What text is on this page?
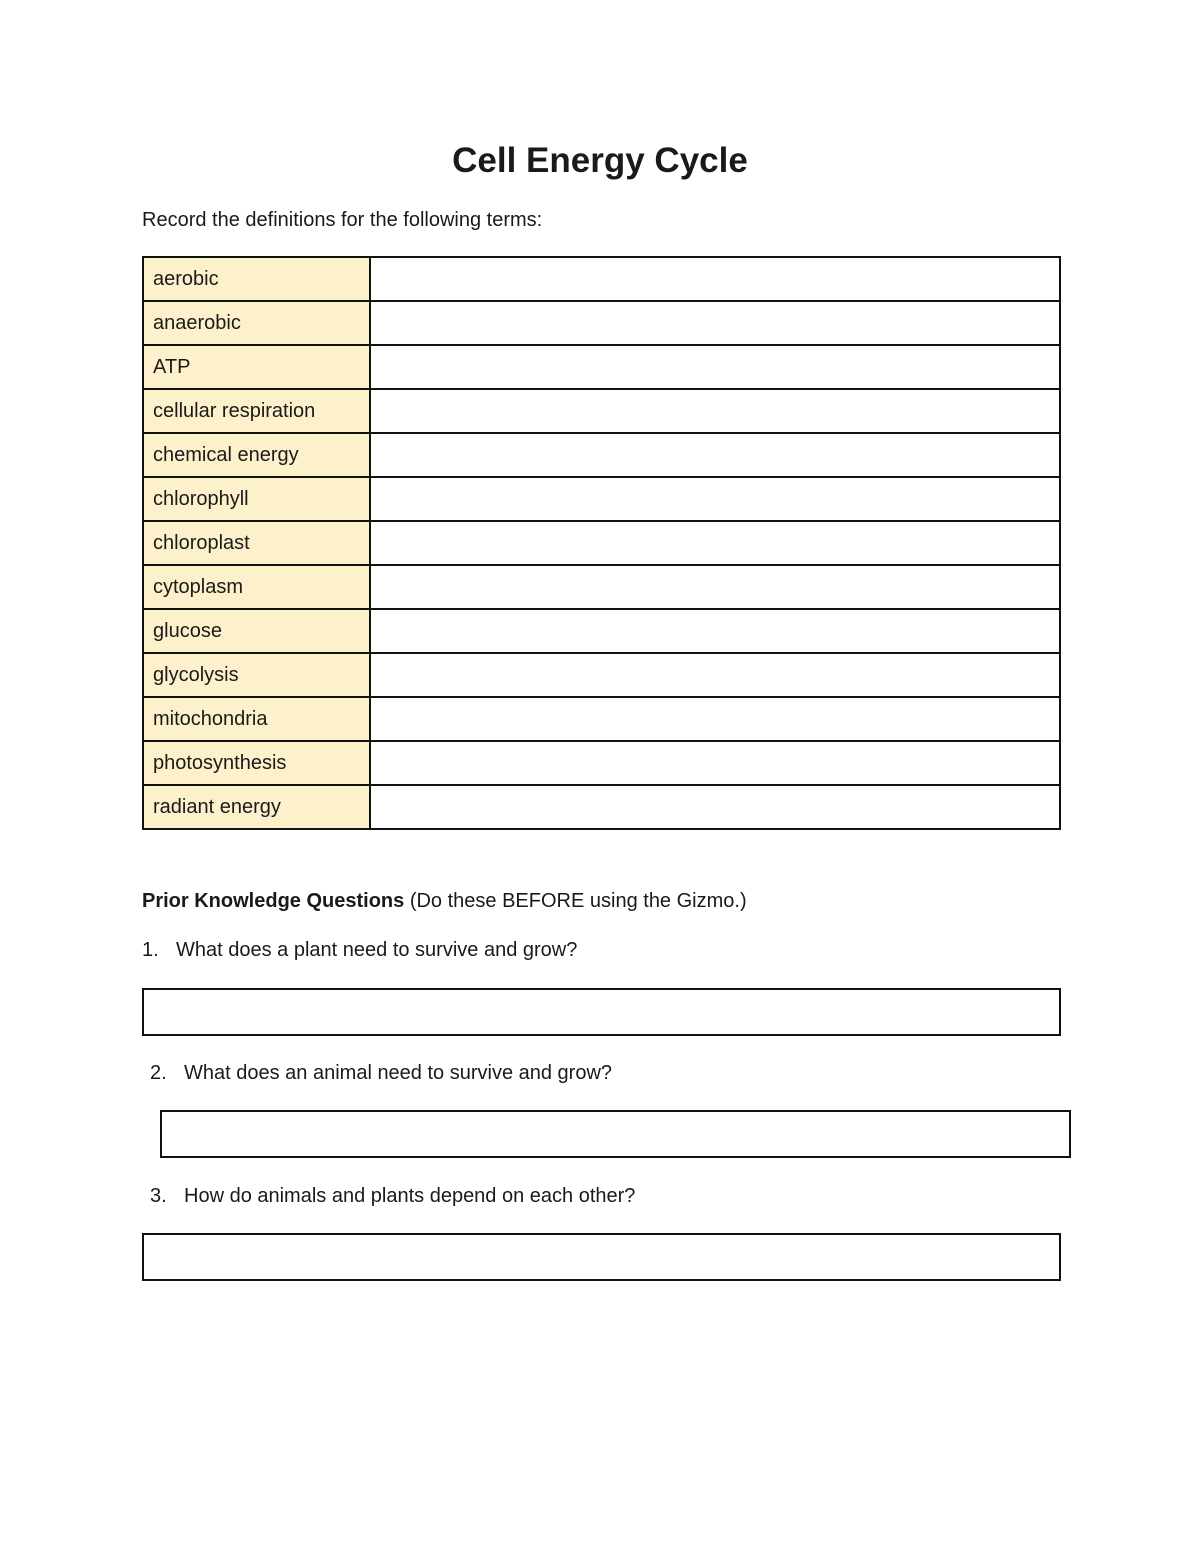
Cell Energy Cycle
Record the definitions for the following terms:
aerobic	
anaerobic	
ATP	
cellular respiration	
chemical energy	
chlorophyll	
chloroplast	
cytoplasm	
glucose	
glycolysis	
mitochondria	
photosynthesis	
radiant energy	
Prior Knowledge Questions (Do these BEFORE using the Gizmo.)
1. What does a plant need to survive and grow?
2. What does an animal need to survive and grow?
3. How do animals and plants depend on each other?
